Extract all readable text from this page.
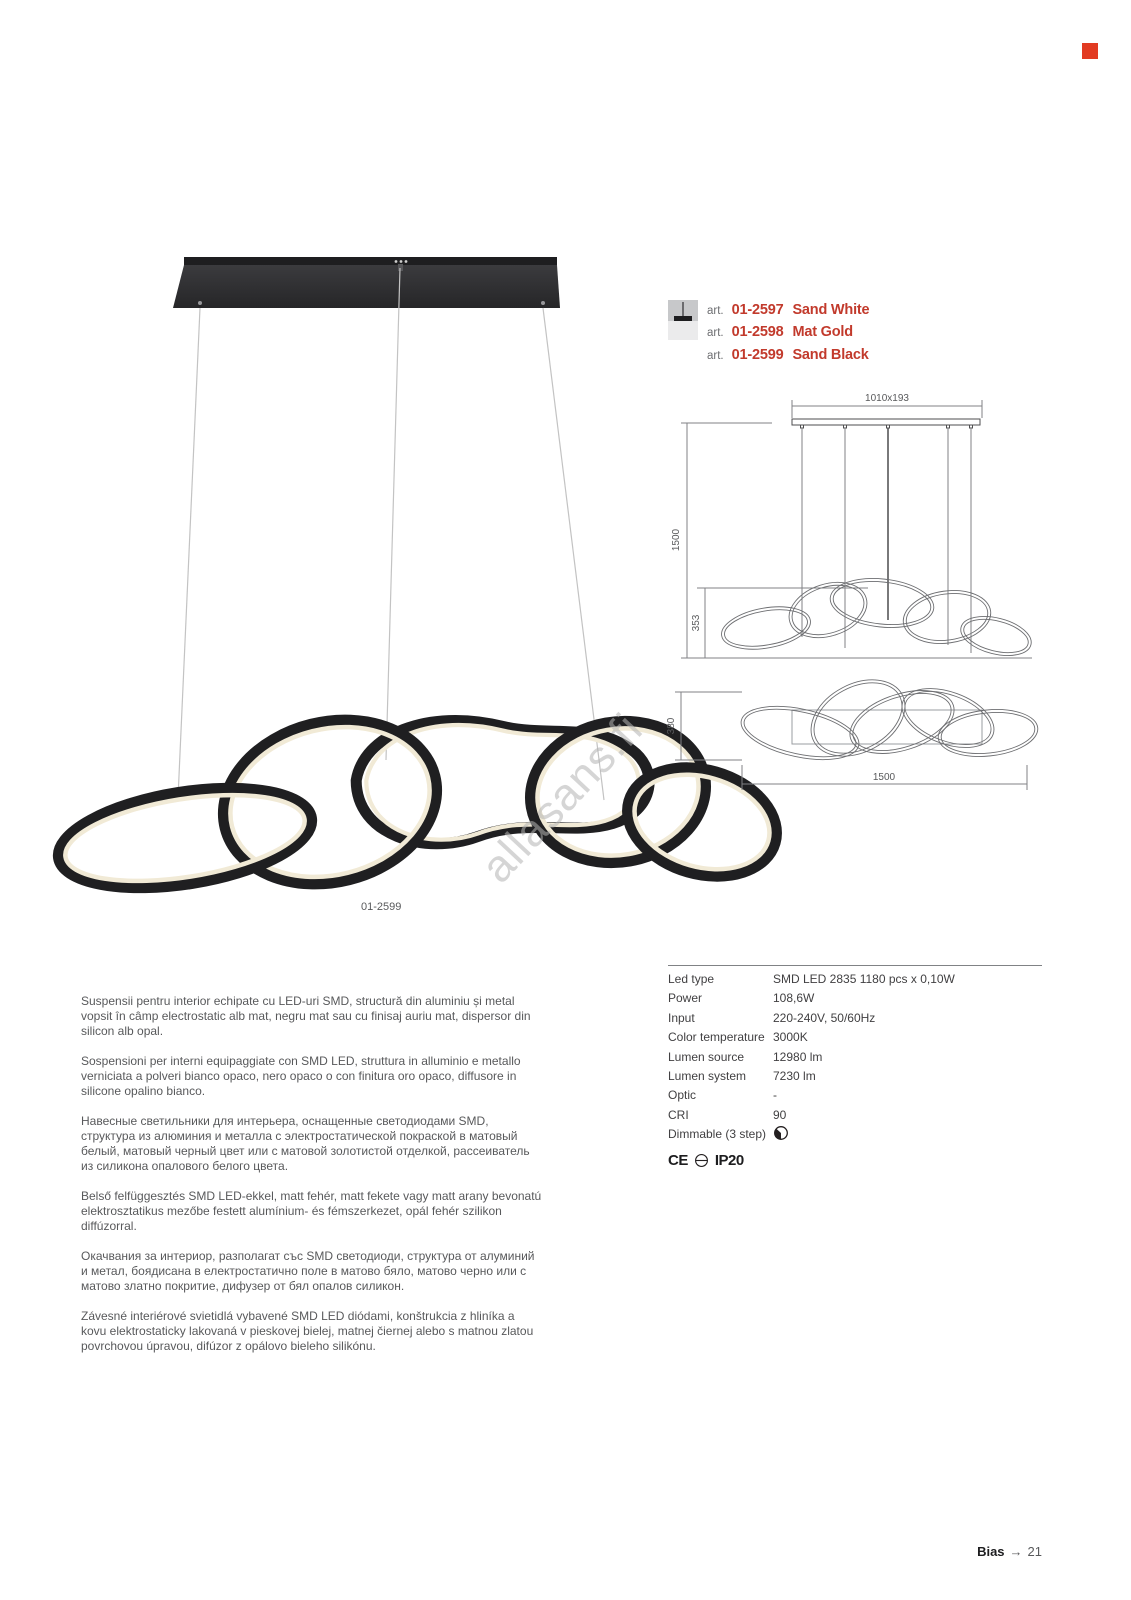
01-2599
allasans.fi
art. 01-2597 Sand White
art. 01-2598 Mat Gold
art. 01-2599 Sand Black
1010x193
1500
353
380
1500
Led type	SMD LED 2835 1180 pcs x 0,10W
Power	108,6W
Input	220-240V, 50/60Hz
Color temperature 3000K
Lumen source	12980 lm
Lumen system	7230 lm
Optic	-
CRI	90
Dimmable (3 step)
CE IP20

Suspensii pentru interior echipate cu LED-uri SMD, structură din aluminiu și metal vopsit în câmp electrostatic alb mat, negru mat sau cu finisaj auriu mat, dispersor din silicon alb opal.

Sospensioni per interni equipaggiate con SMD LED, struttura in alluminio e metallo verniciata a polveri bianco opaco, nero opaco o con finitura oro opaco, diffusore in silicone opalino bianco.

Навесные светильники для интерьера, оснащенные светодиодами SMD, структура из алюминия и металла с электростатической покраской в матовый белый, матовый черный цвет или с матовой золотистой отделкой, рассеиватель из силикона опалового белого цвета.

Belső felfüggesztés SMD LED-ekkel, matt fehér, matt fekete vagy matt arany bevonatú elektrosztatikus mezőbe festett alumínium- és fémszerkezet, opál fehér szilikon diffúzorral.

Окачвания за интериор, разполагат със SMD светодиоди, структура от алуминий и метал, боядисана в електростатично поле в матово бяло, матово черно или с матово златно покритие, дифузер от бял опалов силикон.

Závesné interiérové svietidlá vybavené SMD LED diódami, konštrukcia z hliníka a kovu elektrostaticky lakovaná v pieskovej bielej, matnej čiernej alebo s matnou zlatou povrchovou úpravou, difúzor z opálovo bieleho silikónu.

Bias → 21
